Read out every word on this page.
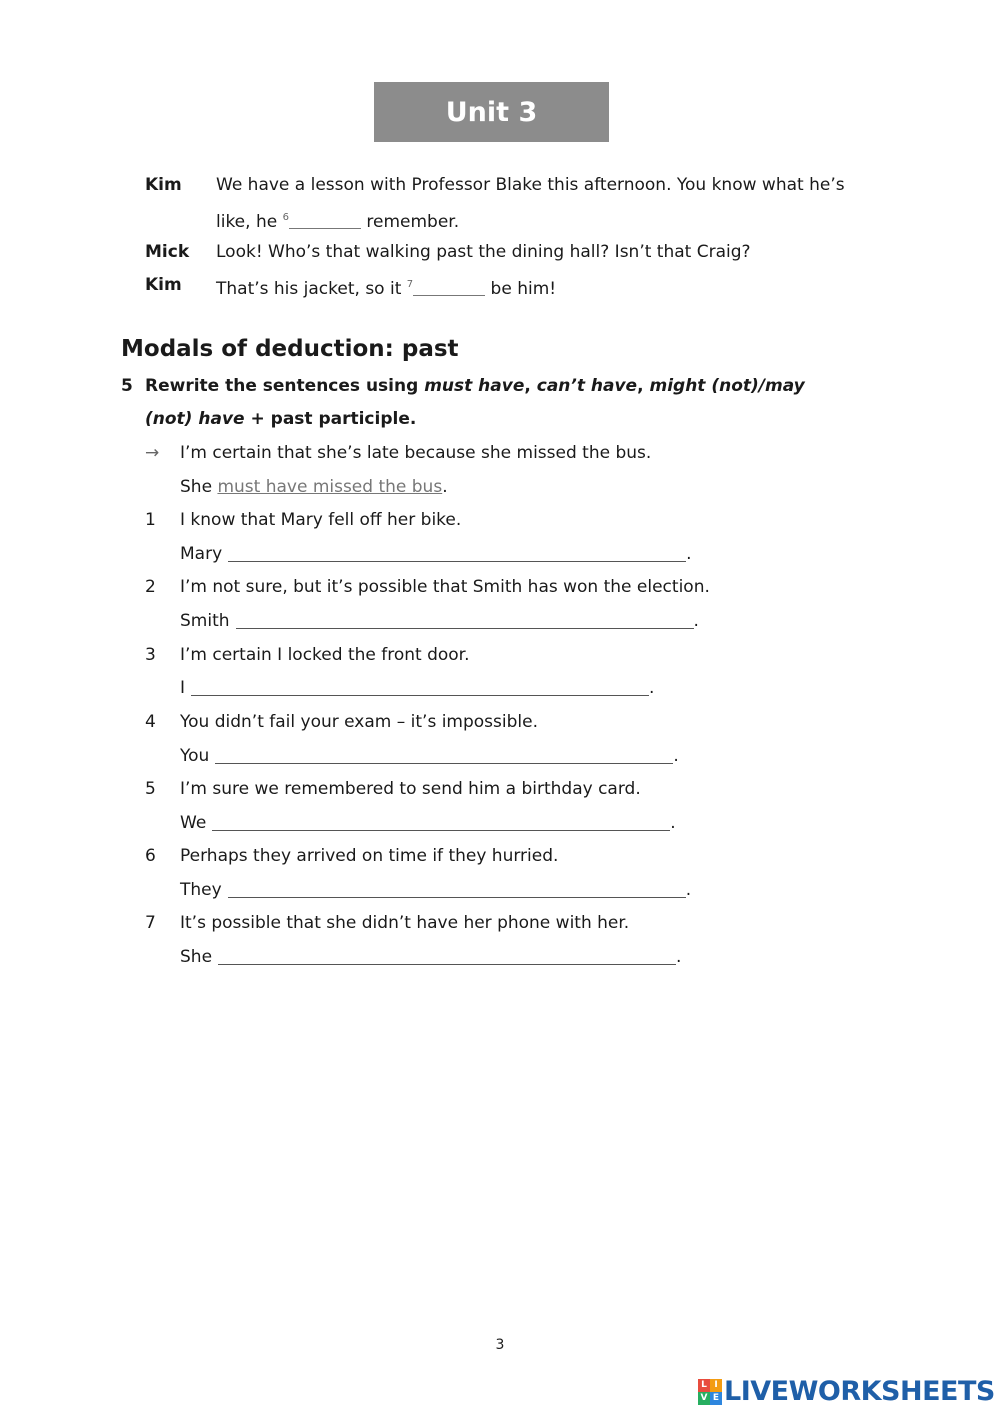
Unit 3
Kim We have a lesson with Professor Blake this afternoon. You know what he’s
like, he $^6$	remember.
Mick Look! Who’s that walking past the dining hall? Isn’t that Craig?
Kim That’s his jacket, so it $^7$	be him!
Modals of deduction: past
5 Rewrite the sentences using must have, can’t have, might (not)/may
(not) have + past participle.
→ I’m certain that she’s late because she missed the bus.
She must have missed the bus.
1 I know that Mary fell off her bike.
Mary	.
2 I’m not sure, but it’s possible that Smith has won the election.
Smith	.
3 I’m certain I locked the front door.
I	.
4 You didn’t fail your exam – it’s impossible.
You	.
5 I’m sure we remembered to send him a birthday card.
We	.
6 Perhaps they arrived on time if they hurried.
They	.
7 It’s possible that she didn’t have her phone with her.
She	.
3
L I
V E LIVEWORKSHEETS
